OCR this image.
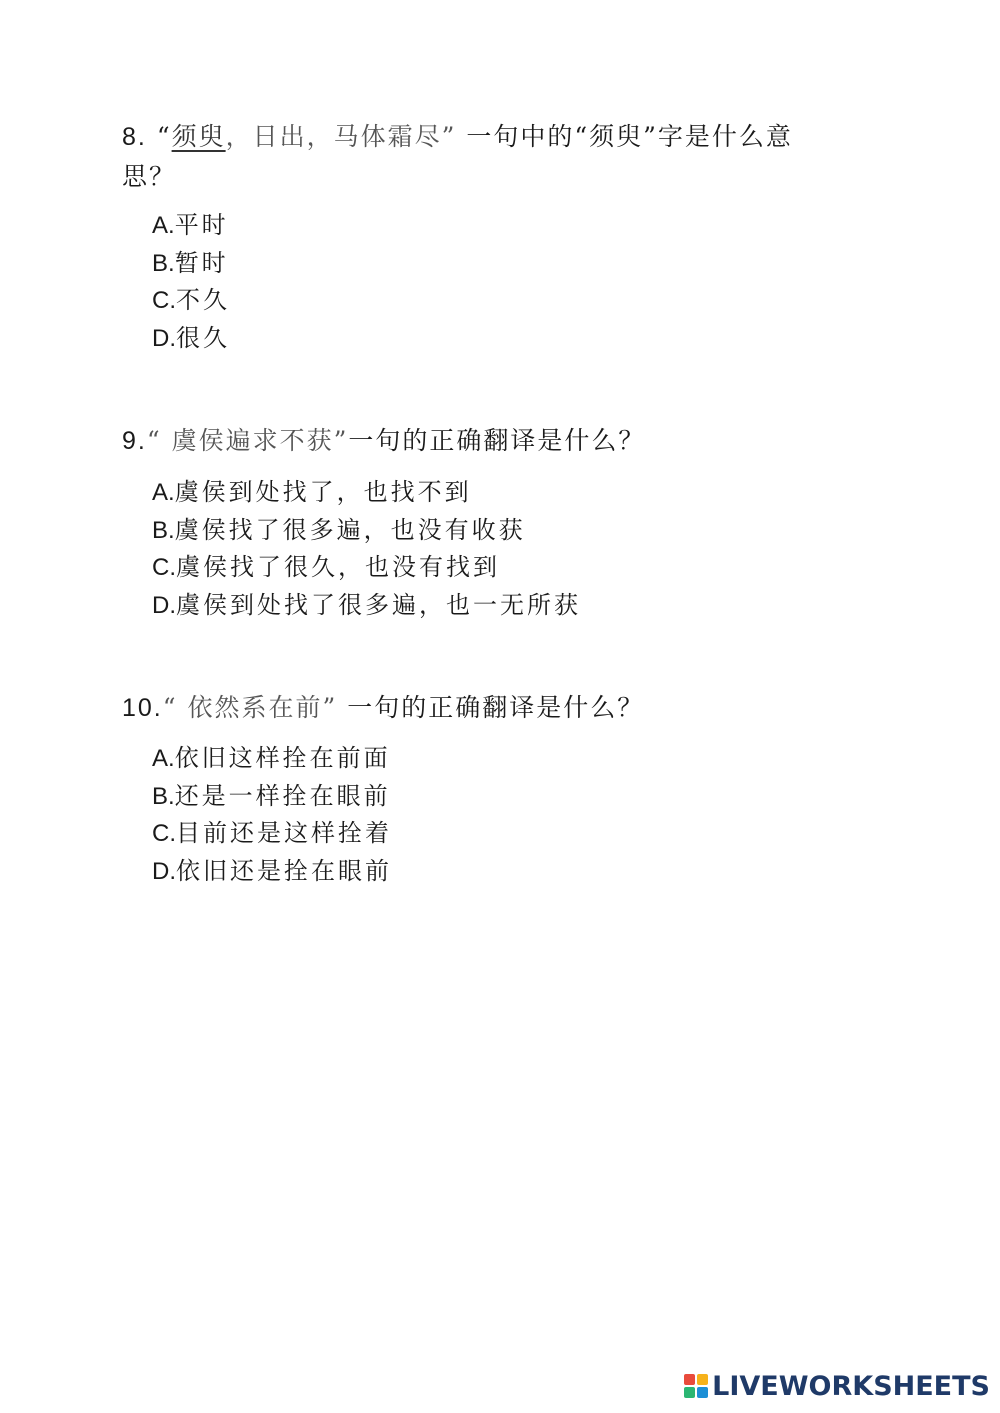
8. “须臾，日出，马体霜尽” 一句中的“须臾”字是什么意
思？

A.平时
B.暂时
C.不久
D.很久

9.“ 虞侯遍求不获”一句的正确翻译是什么？

A.虞侯到处找了，也找不到
B.虞侯找了很多遍，也没有收获
C.虞侯找了很久，也没有找到
D.虞侯到处找了很多遍，也一无所获

10.“ 依然系在前” 一句的正确翻译是什么？

A.依旧这样拴在前面
B.还是一样拴在眼前
C.目前还是这样拴着
D.依旧还是拴在眼前
LIVEWORKSHEETS
